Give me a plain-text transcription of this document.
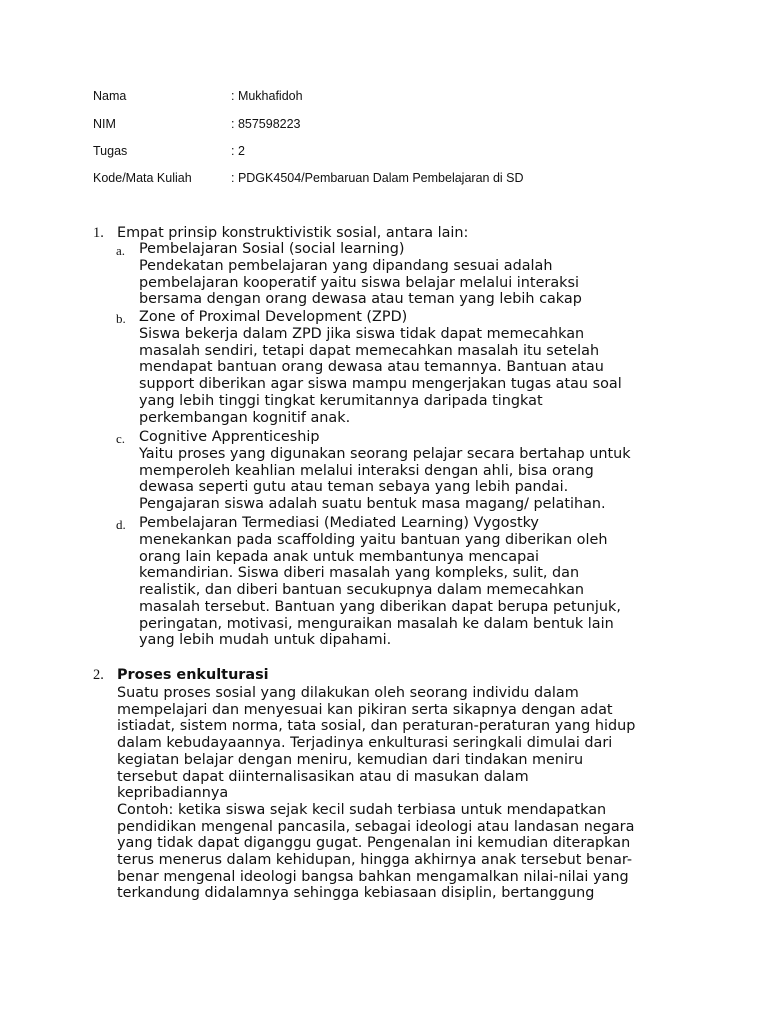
Nama	: Mukhafidoh
NIM	: 857598223
Tugas	: 2
Kode/Mata Kuliah	: PDGK4504/Pembaruan Dalam Pembelajaran di SD
1. Empat prinsip konstruktivistik sosial, antara lain:
a. Pembelajaran Sosial (social learning)
Pendekatan pembelajaran yang dipandang sesuai adalah
pembelajaran kooperatif yaitu siswa belajar melalui interaksi
bersama dengan orang dewasa atau teman yang lebih cakap
b. Zone of Proximal Development (ZPD)
Siswa bekerja dalam ZPD jika siswa tidak dapat memecahkan
masalah sendiri, tetapi dapat memecahkan masalah itu setelah
mendapat bantuan orang dewasa atau temannya. Bantuan atau
support diberikan agar siswa mampu mengerjakan tugas atau soal
yang lebih tinggi tingkat kerumitannya daripada tingkat
perkembangan kognitif anak.
c. Cognitive Apprenticeship
Yaitu proses yang digunakan seorang pelajar secara bertahap untuk
memperoleh keahlian melalui interaksi dengan ahli, bisa orang
dewasa seperti gutu atau teman sebaya yang lebih pandai.
Pengajaran siswa adalah suatu bentuk masa magang/ pelatihan.
d. Pembelajaran Termediasi (Mediated Learning) Vygostky
menekankan pada scaffolding yaitu bantuan yang diberikan oleh
orang lain kepada anak untuk membantunya mencapai
kemandirian. Siswa diberi masalah yang kompleks, sulit, dan
realistik, dan diberi bantuan secukupnya dalam memecahkan
masalah tersebut. Bantuan yang diberikan dapat berupa petunjuk,
peringatan, motivasi, menguraikan masalah ke dalam bentuk lain
yang lebih mudah untuk dipahami.
2. Proses enkulturasi
Suatu proses sosial yang dilakukan oleh seorang individu dalam
mempelajari dan menyesuai kan pikiran serta sikapnya dengan adat
istiadat, sistem norma, tata sosial, dan peraturan-peraturan yang hidup
dalam kebudayaannya. Terjadinya enkulturasi seringkali dimulai dari
kegiatan belajar dengan meniru, kemudian dari tindakan meniru
tersebut dapat diinternalisasikan atau di masukan dalam
kepribadiannya
Contoh: ketika siswa sejak kecil sudah terbiasa untuk mendapatkan
pendidikan mengenal pancasila, sebagai ideologi atau landasan negara
yang tidak dapat diganggu gugat. Pengenalan ini kemudian diterapkan
terus menerus dalam kehidupan, hingga akhirnya anak tersebut benar-
benar mengenal ideologi bangsa bahkan mengamalkan nilai-nilai yang
terkandung didalamnya sehingga kebiasaan disiplin, bertanggung
